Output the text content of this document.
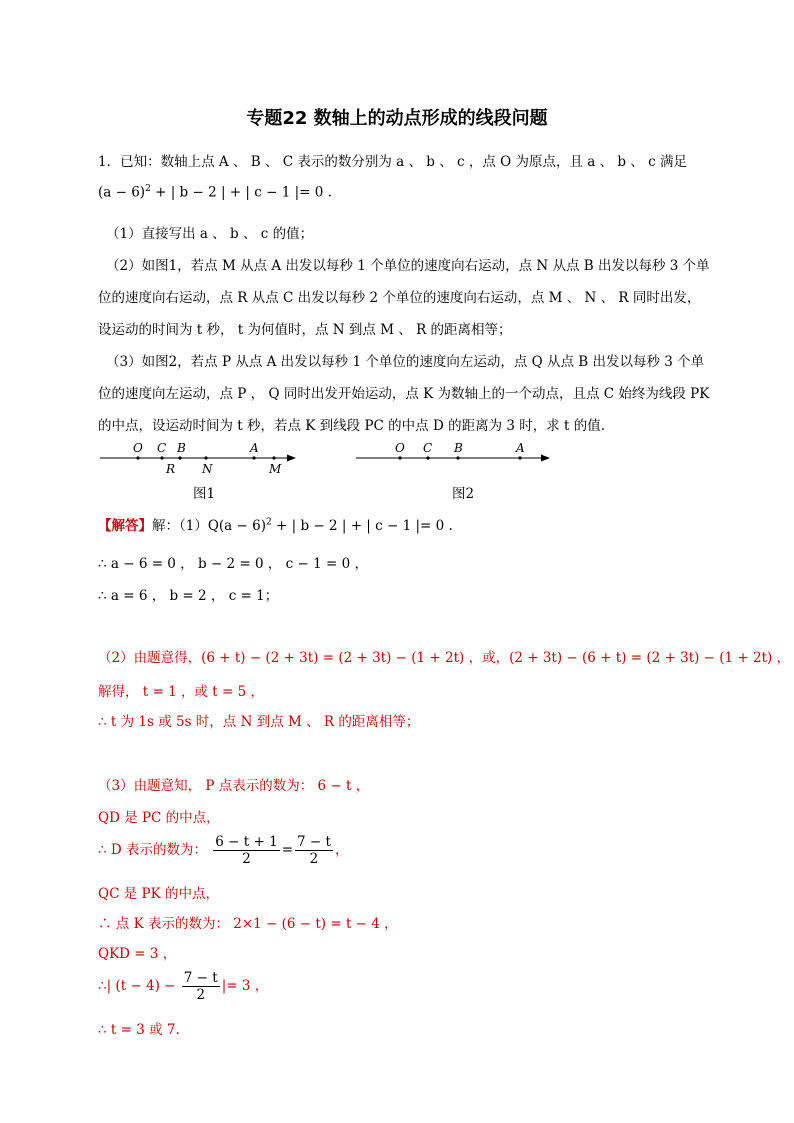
专题22 数轴上的动点形成的线段问题
1．已知：数轴上点 A 、 B 、 C 表示的数分别为 a 、 b 、 c ，点 O 为原点，且 a 、 b 、 c 满足
$(a - 6)^2$ + | b − 2 | + | c − 1 |= 0 .
（1）直接写出 a 、 b 、 c 的值；
（2）如图1，若点 M 从点 A 出发以每秒 1 个单位的速度向右运动，点 N 从点 B 出发以每秒 3 个单
位的速度向右运动，点 R 从点 C 出发以每秒 2 个单位的速度向右运动，点 M 、 N 、 R 同时出发，
设运动的时间为 t 秒， t 为何值时，点 N 到点 M 、 R 的距离相等；
（3）如图2，若点 P 从点 A 出发以每秒 1 个单位的速度向左运动，点 Q 从点 B 出发以每秒 3 个单
位的速度向左运动，点 P ， Q 同时出发开始运动，点 K 为数轴上的一个动点，且点 C 始终为线段 PK
的中点，设运动时间为 t 秒，若点 K 到线段 PC 的中点 D 的距离为 3 时，求 t 的值.
O C B	A
R N	M
图1
O C B	A
图2
【解答】解：$(1)Q(a - 6)^2$ + | b − 2 | + | c − 1 |= 0 .
∴ a − 6 = 0 ， b − 2 = 0 ， c − 1 = 0 ，
∴ a = 6 ， b = 2 ， c = 1；
（2）由题意得，(6 + t) − (2 + 3t) = (2 + 3t) − (1 + 2t) ，或，(2 + 3t) − (6 + t) = (2 + 3t) − (1 + 2t) ，
解得， t = 1 ，或 t = 5 ，
∴ t 为 1s 或 5s 时，点 N 到点 M 、 R 的距离相等；
（3）由题意知， P 点表示的数为： 6 − t ，
QD 是 PC 的中点，
∴ D 表示的数为： $\frac{6 - t + 1}{2} = \frac{7 - t}{2}$ ，
QC 是 PK 的中点，
∴ 点 K 表示的数为： 2×1 − (6 − t) = t − 4 ，
QKD = 3 ，
∴| $(t - 4) - \frac{7 - t}{2}$ |= 3 ，
∴ t = 3 或 7.
